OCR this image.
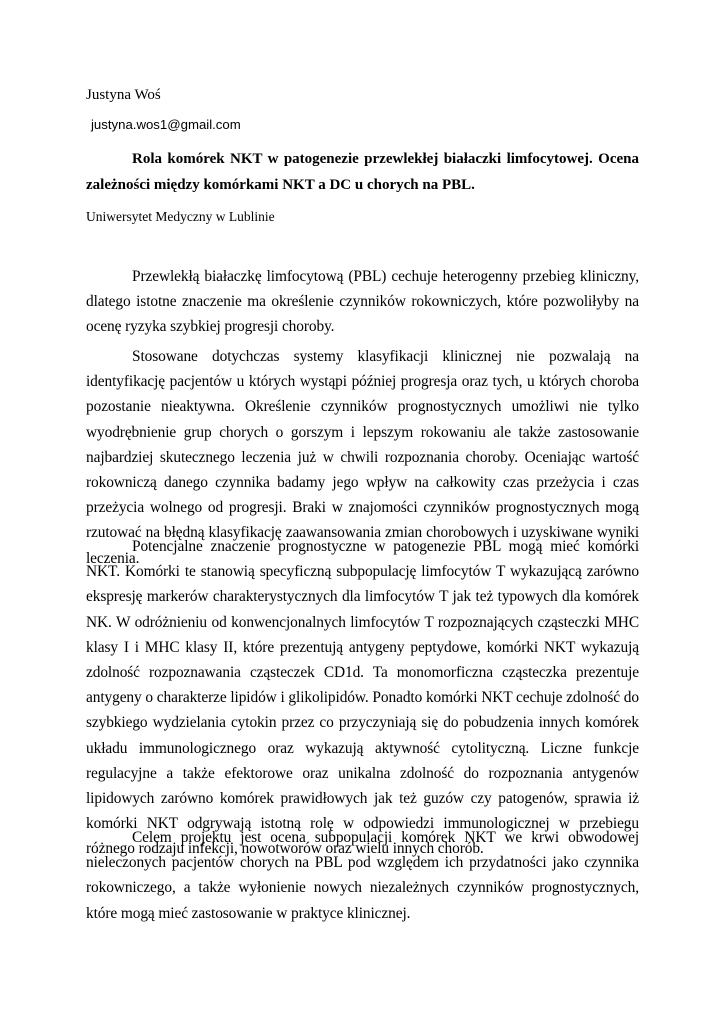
Justyna Woś
justyna.wos1@gmail.com

Rola komórek NKT w patogenezie przewlekłej białaczki limfocytowej. Ocena zależności między komórkami NKT a DC u chorych na PBL.

Uniwersytet Medyczny w Lublinie

Przewlekłą białaczkę limfocytową (PBL) cechuje heterogenny przebieg kliniczny, dlatego istotne znaczenie ma określenie czynników rokowniczych, które pozwoliłyby na ocenę ryzyka szybkiej progresji choroby.

Stosowane dotychczas systemy klasyfikacji klinicznej nie pozwalają na identyfikację pacjentów u których wystąpi później progresja oraz tych, u których choroba pozostanie nieaktywna. Określenie czynników prognostycznych umożliwi nie tylko wyodrębnienie grup chorych o gorszym i lepszym rokowaniu ale także zastosowanie najbardziej skutecznego leczenia już w chwili rozpoznania choroby. Oceniając wartość rokowniczą danego czynnika badamy jego wpływ na całkowity czas przeżycia i czas przeżycia wolnego od progresji. Braki w znajomości czynników prognostycznych mogą rzutować na błędną klasyfikację zaawansowania zmian chorobowych i uzyskiwane wyniki leczenia.

Potencjalne znaczenie prognostyczne w patogenezie PBL mogą mieć komórki NKT. Komórki te stanowią specyficzną subpopulację limfocytów T wykazującą zarówno ekspresję markerów charakterystycznych dla limfocytów T jak też typowych dla komórek NK. W odróżnieniu od konwencjonalnych limfocytów T rozpoznających cząsteczki MHC klasy I i MHC klasy II, które prezentują antygeny peptydowe, komórki NKT wykazują zdolność rozpoznawania cząsteczek CD1d. Ta monomorficzna cząsteczka prezentuje antygeny o charakterze lipidów i glikolipidów. Ponadto komórki NKT cechuje zdolność do szybkiego wydzielania cytokin przez co przyczyniają się do pobudzenia innych komórek układu immunologicznego oraz wykazują aktywność cytolityczną. Liczne funkcje regulacyjne a także efektorowe oraz unikalna zdolność do rozpoznania antygenów lipidowych zarówno komórek prawidłowych jak też guzów czy patogenów, sprawia iż komórki NKT odgrywają istotną rolę w odpowiedzi immunologicznej w przebiegu różnego rodzaju infekcji, nowotworów oraz wielu innych chorób.

Celem projektu jest ocena subpopulacji komórek NKT we krwi obwodowej nieleczonych pacjentów chorych na PBL pod względem ich przydatności jako czynnika rokowniczego, a także wyłonienie nowych niezależnych czynników prognostycznych, które mogą mieć zastosowanie w praktyce klinicznej.
